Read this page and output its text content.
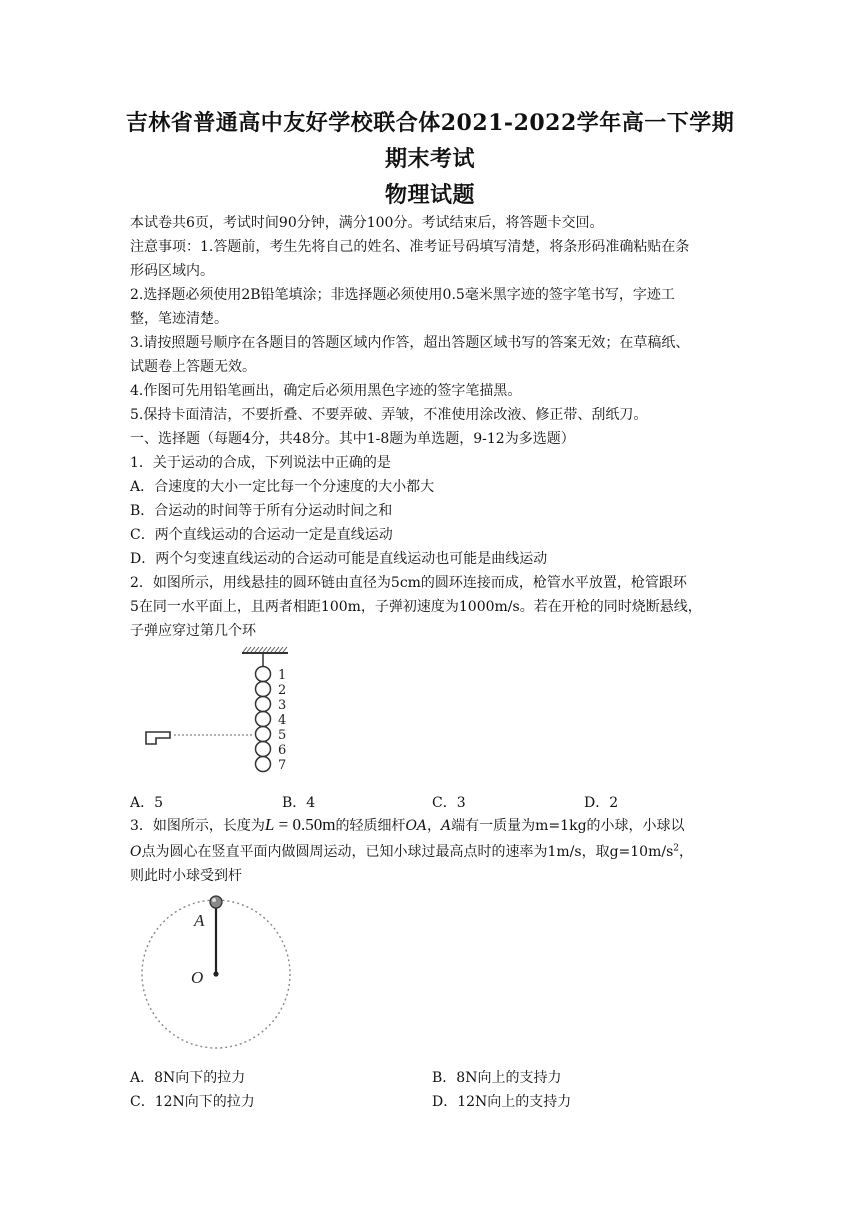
吉林省普通高中友好学校联合体2021-2022学年高一下学期
期末考试
物理试题
本试卷共6页，考试时间90分钟，满分100分。考试结束后，将答题卡交回。
注意事项：1.答题前，考生先将自己的姓名、准考证号码填写清楚，将条形码准确粘贴在条
形码区域内。
2.选择题必须使用2B铅笔填涂；非选择题必须使用0.5毫米黑字迹的签字笔书写，字迹工
整，笔迹清楚。
3.请按照题号顺序在各题目的答题区域内作答，超出答题区域书写的答案无效；在草稿纸、
试题卷上答题无效。
4.作图可先用铅笔画出，确定后必须用黑色字迹的签字笔描黑。
5.保持卡面清洁，不要折叠、不要弄破、弄皱，不准使用涂改液、修正带、刮纸刀。
一、选择题（每题4分，共48分。其中1-8题为单选题，9-12为多选题）
1．关于运动的合成，下列说法中正确的是
A．合速度的大小一定比每一个分速度的大小都大
B．合运动的时间等于所有分运动时间之和
C．两个直线运动的合运动一定是直线运动
D．两个匀变速直线运动的合运动可能是直线运动也可能是曲线运动
2．如图所示，用线悬挂的圆环链由直径为5cm的圆环连接而成，枪管水平放置，枪管跟环
5在同一水平面上，且两者相距100m，子弹初速度为1000m/s。若在开枪的同时烧断悬线，
子弹应穿过第几个环
1
2
3
4
5
6
7
A．5	B．4	C．3	D．2
3．如图所示，长度为L = 0.50m的轻质细杆OA，A端有一质量为m=1kg的小球，小球以
O点为圆心在竖直平面内做圆周运动，已知小球过最高点时的速率为1m/s，取$g=10m/s^2$，
则此时小球受到杆
A
O
A．8N向下的拉力	B．8N向上的支持力
C．12N向下的拉力	D．12N向上的支持力
